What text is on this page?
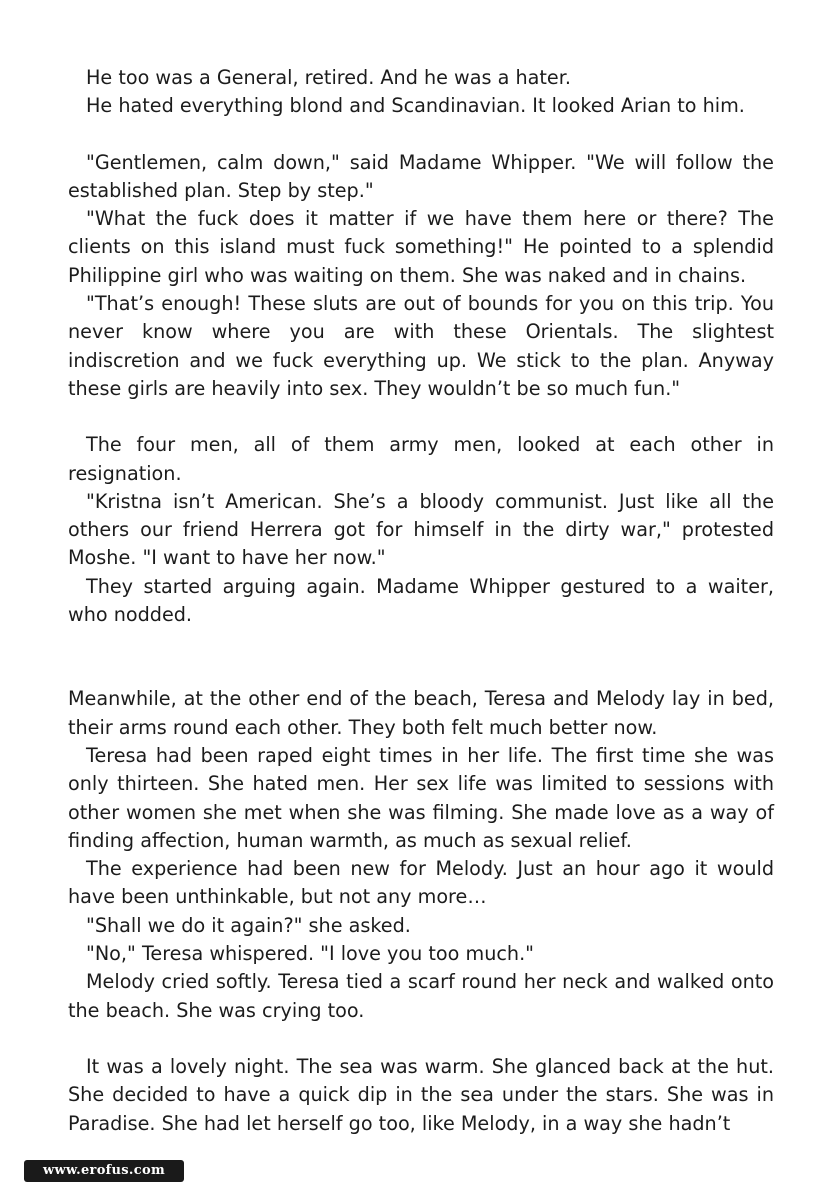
He too was a General, retired. And he was a hater.

He hated everything blond and Scandinavian. It looked Arian to him.

"Gentlemen, calm down," said Madame Whipper. "We will follow the established plan. Step by step."

"What the fuck does it matter if we have them here or there? The clients on this island must fuck something!" He pointed to a splendid Philippine girl who was waiting on them. She was naked and in chains.

"That’s enough! These sluts are out of bounds for you on this trip. You never know where you are with these Orientals. The slightest indiscretion and we fuck everything up. We stick to the plan. Anyway these girls are heavily into sex. They wouldn’t be so much fun."

The four men, all of them army men, looked at each other in resignation.

"Kristna isn’t American. She’s a bloody communist. Just like all the others our friend Herrera got for himself in the dirty war," protested Moshe. "I want to have her now."

They started arguing again. Madame Whipper gestured to a waiter, who nodded.

Meanwhile, at the other end of the beach, Teresa and Melody lay in bed, their arms round each other. They both felt much better now.

Teresa had been raped eight times in her life. The first time she was only thirteen. She hated men. Her sex life was limited to sessions with other women she met when she was filming. She made love as a way of finding affection, human warmth, as much as sexual relief.

The experience had been new for Melody. Just an hour ago it would have been unthinkable, but not any more…

"Shall we do it again?" she asked.

"No," Teresa whispered. "I love you too much."

Melody cried softly. Teresa tied a scarf round her neck and walked onto the beach. She was crying too.

It was a lovely night. The sea was warm. She glanced back at the hut. She decided to have a quick dip in the sea under the stars. She was in Paradise. She had let herself go too, like Melody, in a way she hadn’t

www.erofus.com
